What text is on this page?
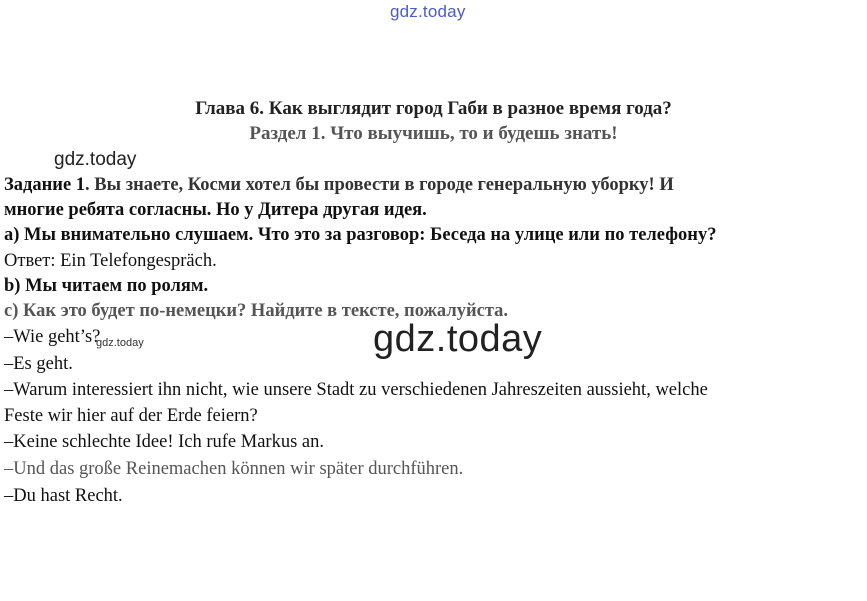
gdz.today
Глава 6. Как выглядит город Габи в разное время года?
Раздел 1. Что выучишь, то и будешь знать!
gdz.today
Задание 1. Вы знаете, Косми хотел бы провести в городе генеральную уборку! И
многие ребята согласны. Но у Дитера другая идея.
а) Мы внимательно слушаем. Что это за разговор: Беседа на улице или по телефону?
Ответ: Ein Telefongespräch.
b) Мы читаем по ролям.
c) Как это будет по-немецки? Найдите в тексте, пожалуйста.
gdz.today
gdz.today
–Wie geht’s?
–Es geht.
–Warum interessiert ihn nicht, wie unsere Stadt zu verschiedenen Jahreszeiten aussieht, welche
Feste wir hier auf der Erde feiern?
–Keine schlechte Idee! Ich rufe Markus an.
–Und das große Reinemachen können wir später durchführen.
–Du hast Recht.
